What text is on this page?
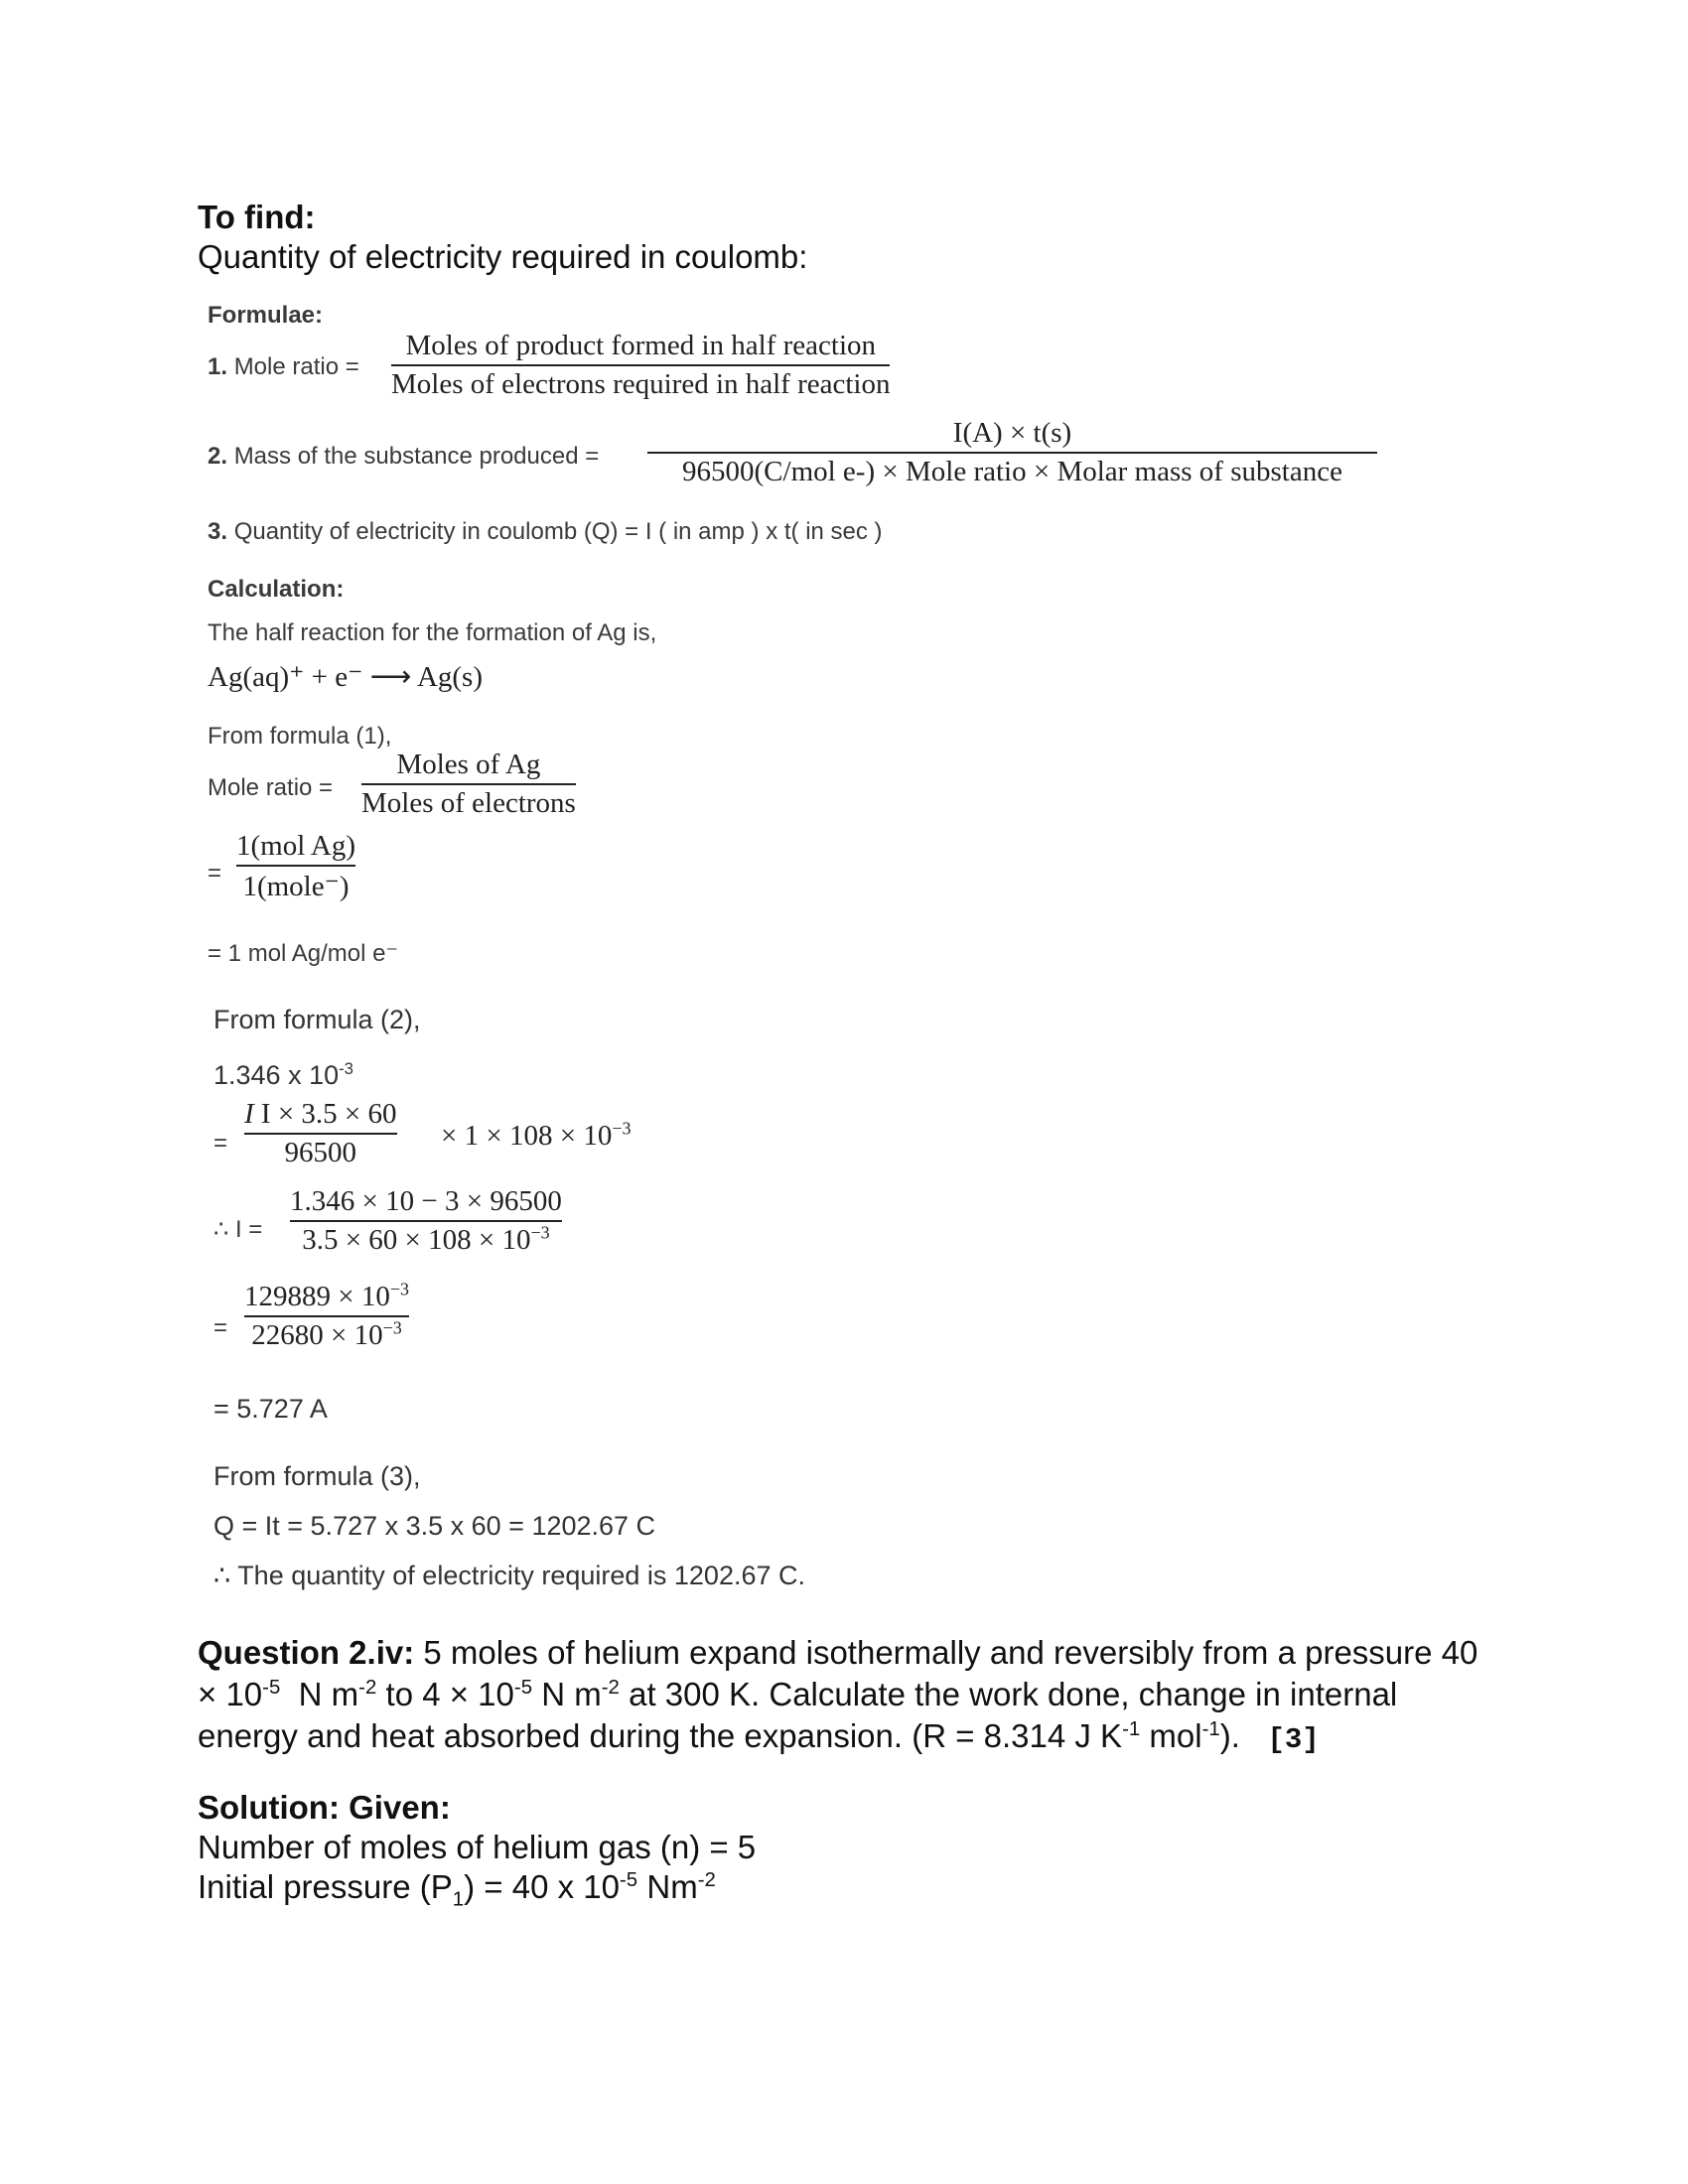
To find:
Quantity of electricity required in coulomb:
Formulae:
1. Mole ratio =
Moles of product formed in half reaction
Moles of electrons required in half reaction
2. Mass of the substance produced =
I(A) × t(s)
96500(C/mol e-) × Mole ratio × Molar mass of substance
3. Quantity of electricity in coulomb (Q) = I ( in amp ) x t( in sec )
Calculation:
The half reaction for the formation of Ag is,
Ag(aq)⁺ + e⁻ ⟶ Ag(s)
From formula (1),
Mole ratio =
Moles of Ag
Moles of electrons
=
1(mol Ag)
1(mole⁻)
= 1 mol Ag/mol e⁻
From formula (2),
1.346 x $10^{-3}$
=
I I × 3.5 × 60
96500
× $1 \times 108 \times 10^{-3}$
∴ I =
1.346 × 10 − 3 × 96500
$3.5 \times 60 \times 108 \times 10^{-3}$
=
$129889 \times 10^{-3}$
$22680 \times 10^{-3}$
= 5.727 A
From formula (3),
Q = It = 5.727 x 3.5 x 60 = 1202.67 C
∴ The quantity of electricity required is 1202.67 C.
Question 2.iv: 5 moles of helium expand isothermally and reversibly from a pressure 40
× $10^{-5}$  N $m^{-2}$ to $4 \times 10^{-5}$ N $m^{-2}$ at 300 K. Calculate the work done, change in internal
energy and heat absorbed during the expansion. (R = 8.314 J $K^{-1}$ mol$^{-1}$).   [3]
Solution: Given:
Number of moles of helium gas (n) = 5
Initial pressure $(P_1) = 40$ x $10^{-5}$ $Nm^{-2}$
